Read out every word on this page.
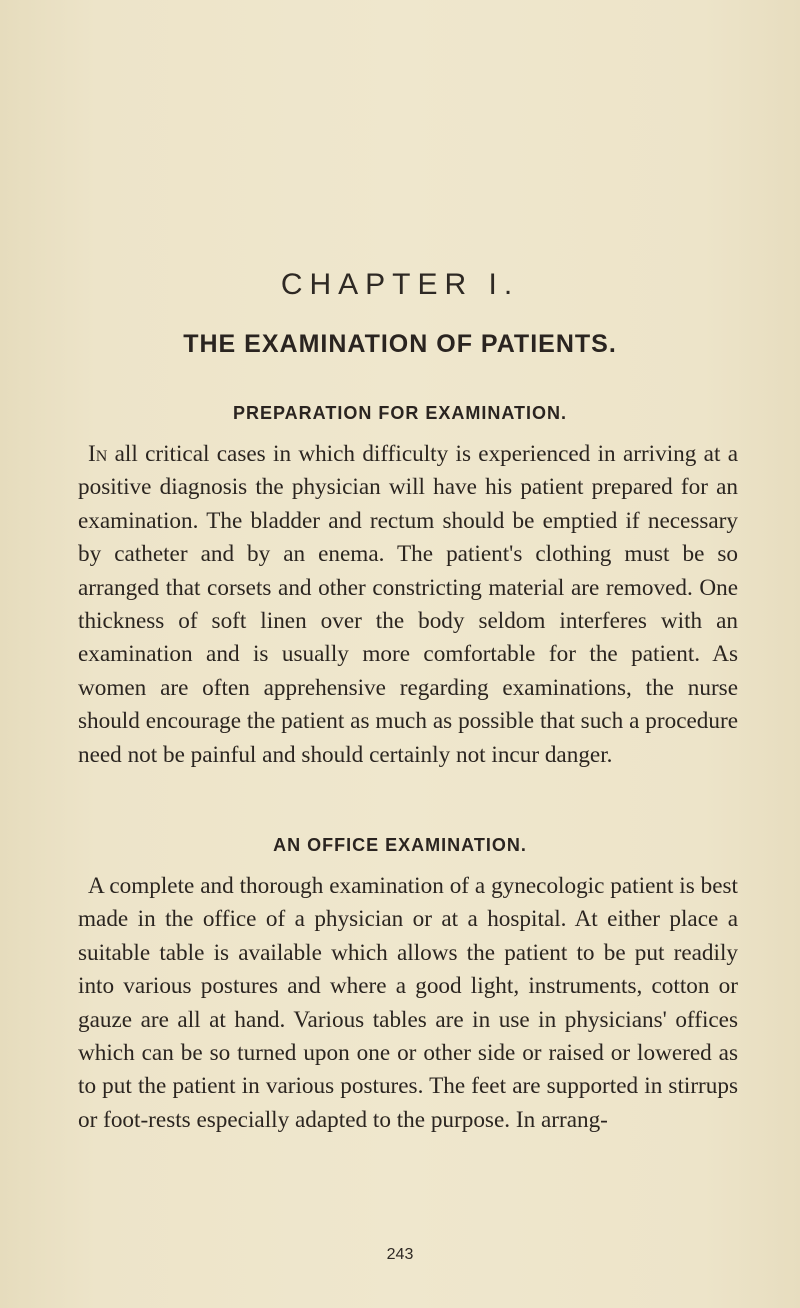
CHAPTER I.
THE EXAMINATION OF PATIENTS.
PREPARATION FOR EXAMINATION.

In all critical cases in which difficulty is experienced in arriving at a positive diagnosis the physician will have his patient prepared for an examination. The bladder and rectum should be emptied if necessary by catheter and by an enema. The patient's clothing must be so arranged that corsets and other constricting material are removed. One thickness of soft linen over the body seldom interferes with an examination and is usually more comfortable for the patient. As women are often apprehensive regarding examinations, the nurse should encourage the patient as much as possible that such a procedure need not be painful and should certainly not incur danger.

AN OFFICE EXAMINATION.

A complete and thorough examination of a gynecologic patient is best made in the office of a physician or at a hospital. At either place a suitable table is available which allows the patient to be put readily into various postures and where a good light, instruments, cotton or gauze are all at hand. Various tables are in use in physicians' offices which can be so turned upon one or other side or raised or lowered as to put the patient in various postures. The feet are supported in stirrups or foot-rests especially adapted to the purpose. In arrang-

243
